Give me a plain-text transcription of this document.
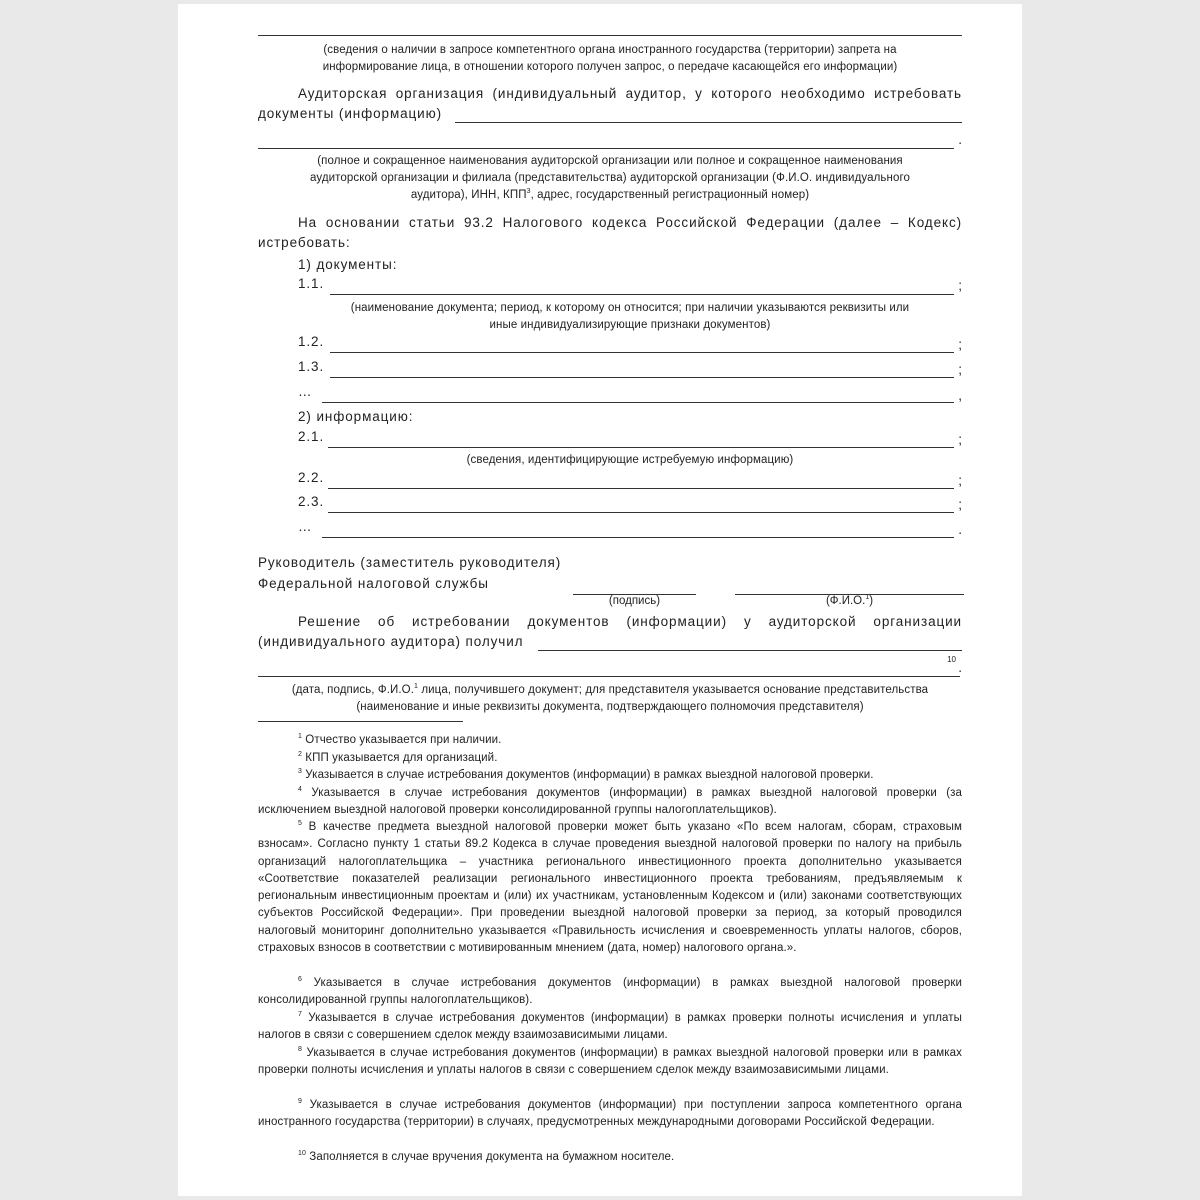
(сведения о наличии в запросе компетентного органа иностранного государства (территории) запрета на
информирование лица, в отношении которого получен запрос, о передаче касающейся его информации)
Аудиторская организация (индивидуальный аудитор, у которого необходимо истребовать
документы (информацию)
.
(полное и сокращенное наименования аудиторской организации или полное и сокращенное наименования
аудиторской организации и филиала (представительства) аудиторской организации (Ф.И.О. индивидуального
аудитора), ИНН, КПП$^3$, адрес, государственный регистрационный номер)
На основании статьи 93.2 Налогового кодекса Российской Федерации (далее – Кодекс)
истребовать:
1) документы:
1.1.	;
(наименование документа; период, к которому он относится; при наличии указываются реквизиты или
иные индивидуализирующие признаки документов)
1.2.	;
1.3.	;
…	,
2) информацию:
2.1.	;
(сведения, идентифицирующие истребуемую информацию)
2.2.	;
2.3.	;
…	.
Руководитель (заместитель руководителя)
Федеральной налоговой службы
(подпись)	(Ф.И.О.$^1$)
Решение об истребовании документов (информации) у аудиторской организации
(индивидуального аудитора) получил
10
.
(дата, подпись, Ф.И.О.$^1$ лица, получившего документ; для представителя указывается основание представительства
(наименование и иные реквизиты документа, подтверждающего полномочия представителя)
$^1$ Отчество указывается при наличии.
$^2$ КПП указывается для организаций.
$^3$ Указывается в случае истребования документов (информации) в рамках выездной налоговой проверки.
$^4$ Указывается в случае истребования документов (информации) в рамках выездной налоговой проверки (за исключением выездной налоговой проверки консолидированной группы налогоплательщиков).
$^5$ В качестве предмета выездной налоговой проверки может быть указано «По всем налогам, сборам, страховым взносам». Согласно пункту 1 статьи 89.2 Кодекса в случае проведения выездной налоговой проверки по налогу на прибыль организаций налогоплательщика – участника регионального инвестиционного проекта дополнительно указывается «Соответствие показателей реализации регионального инвестиционного проекта требованиям, предъявляемым к региональным инвестиционным проектам и (или) их участникам, установленным Кодексом и (или) законами соответствующих субъектов Российской Федерации». При проведении выездной налоговой проверки за период, за который проводился налоговый мониторинг дополнительно указывается «Правильность исчисления и своевременность уплаты налогов, сборов, страховых взносов в соответствии с мотивированным мнением (дата, номер) налогового органа.».
$^6$ Указывается в случае истребования документов (информации) в рамках выездной налоговой проверки консолидированной группы налогоплательщиков).
$^7$ Указывается в случае истребования документов (информации) в рамках проверки полноты исчисления и уплаты налогов в связи с совершением сделок между взаимозависимыми лицами.
$^8$ Указывается в случае истребования документов (информации) в рамках выездной налоговой проверки или в рамках проверки полноты исчисления и уплаты налогов в связи с совершением сделок между взаимозависимыми лицами.
$^9$ Указывается в случае истребования документов (информации) при поступлении запроса компетентного органа иностранного государства (территории) в случаях, предусмотренных международными договорами Российской Федерации.
$^{10}$ Заполняется в случае вручения документа на бумажном носителе.
